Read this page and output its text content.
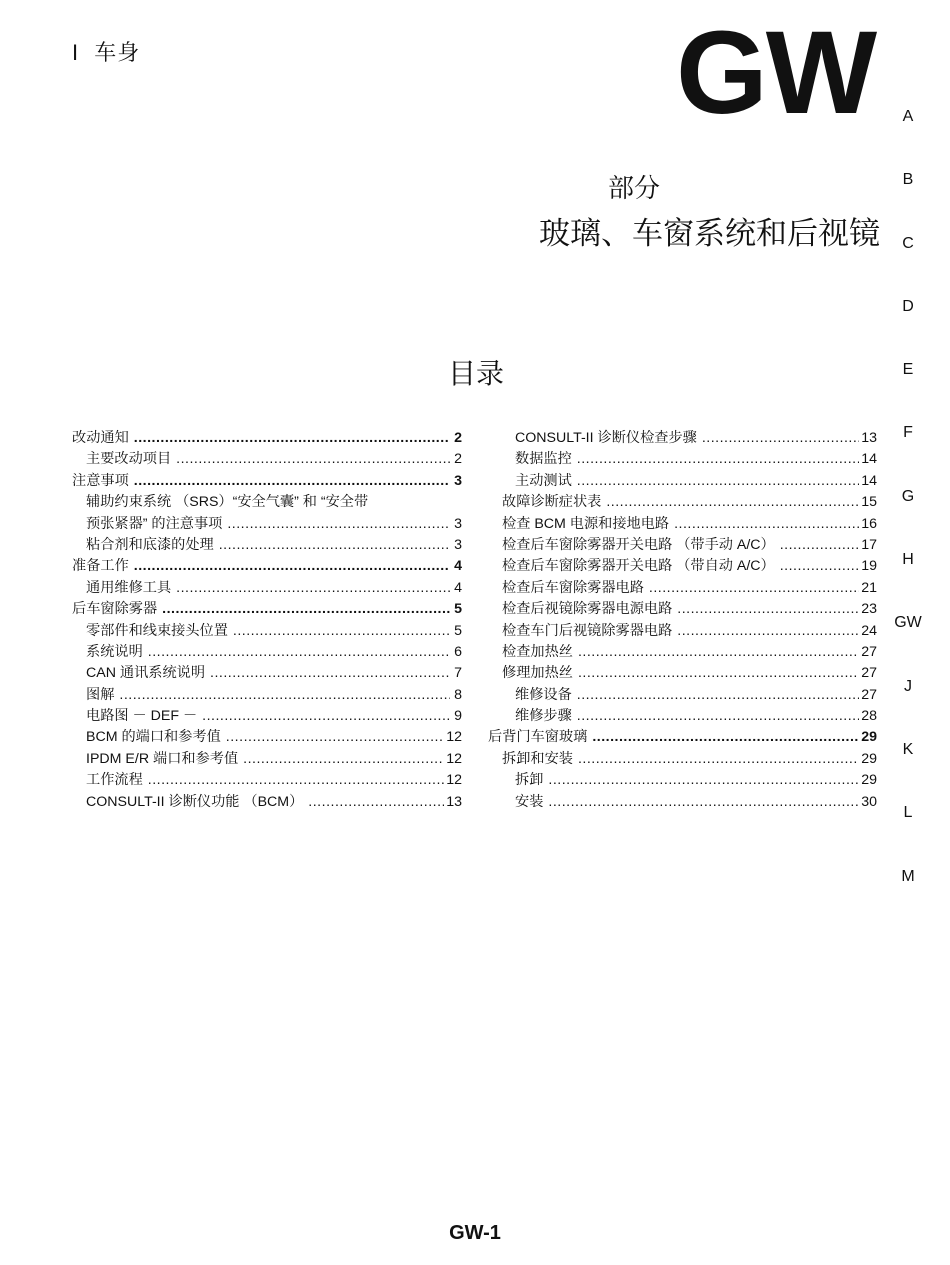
I 车身	GW
部分
玻璃、车窗系统和后视镜
目录
A
B
C
D
E
F
G
H
GW
J
K
L
M
改动通知 .....	2
主要改动项目 .....	2
注意事项 .....	3
辅助约束系统 （SRS）“安全气囊” 和 “安全带
预张紧器” 的注意事项 .....	3
粘合剂和底漆的处理 .....	3
准备工作 .....	4
通用维修工具 .....	4
后车窗除雾器 .....	5
零部件和线束接头位置 .....	5
系统说明 .....	6
CAN 通讯系统说明 .....	7
图解 .....	8
电路图 － DEF － .....	9
BCM 的端口和参考值 .....	12
IPDM E/R 端口和参考值 .....	12
工作流程 .....	12
CONSULT-II 诊断仪功能 （BCM） .....	13
CONSULT-II 诊断仪检查步骤 .....	13
数据监控 .....	14
主动测试 .....	14
故障诊断症状表 .....	15
检查 BCM 电源和接地电路 .....	16
检查后车窗除雾器开关电路 （带手动 A/C） .....	17
检查后车窗除雾器开关电路 （带自动 A/C） .....	19
检查后车窗除雾器电路 .....	21
检查后视镜除雾器电源电路 .....	23
检查车门后视镜除雾器电路 .....	24
检查加热丝 .....	27
修理加热丝 .....	27
维修设备 .....	27
维修步骤 .....	28
后背门车窗玻璃 .....	29
拆卸和安装 .....	29
拆卸 .....	29
安装 .....	30
GW-1
